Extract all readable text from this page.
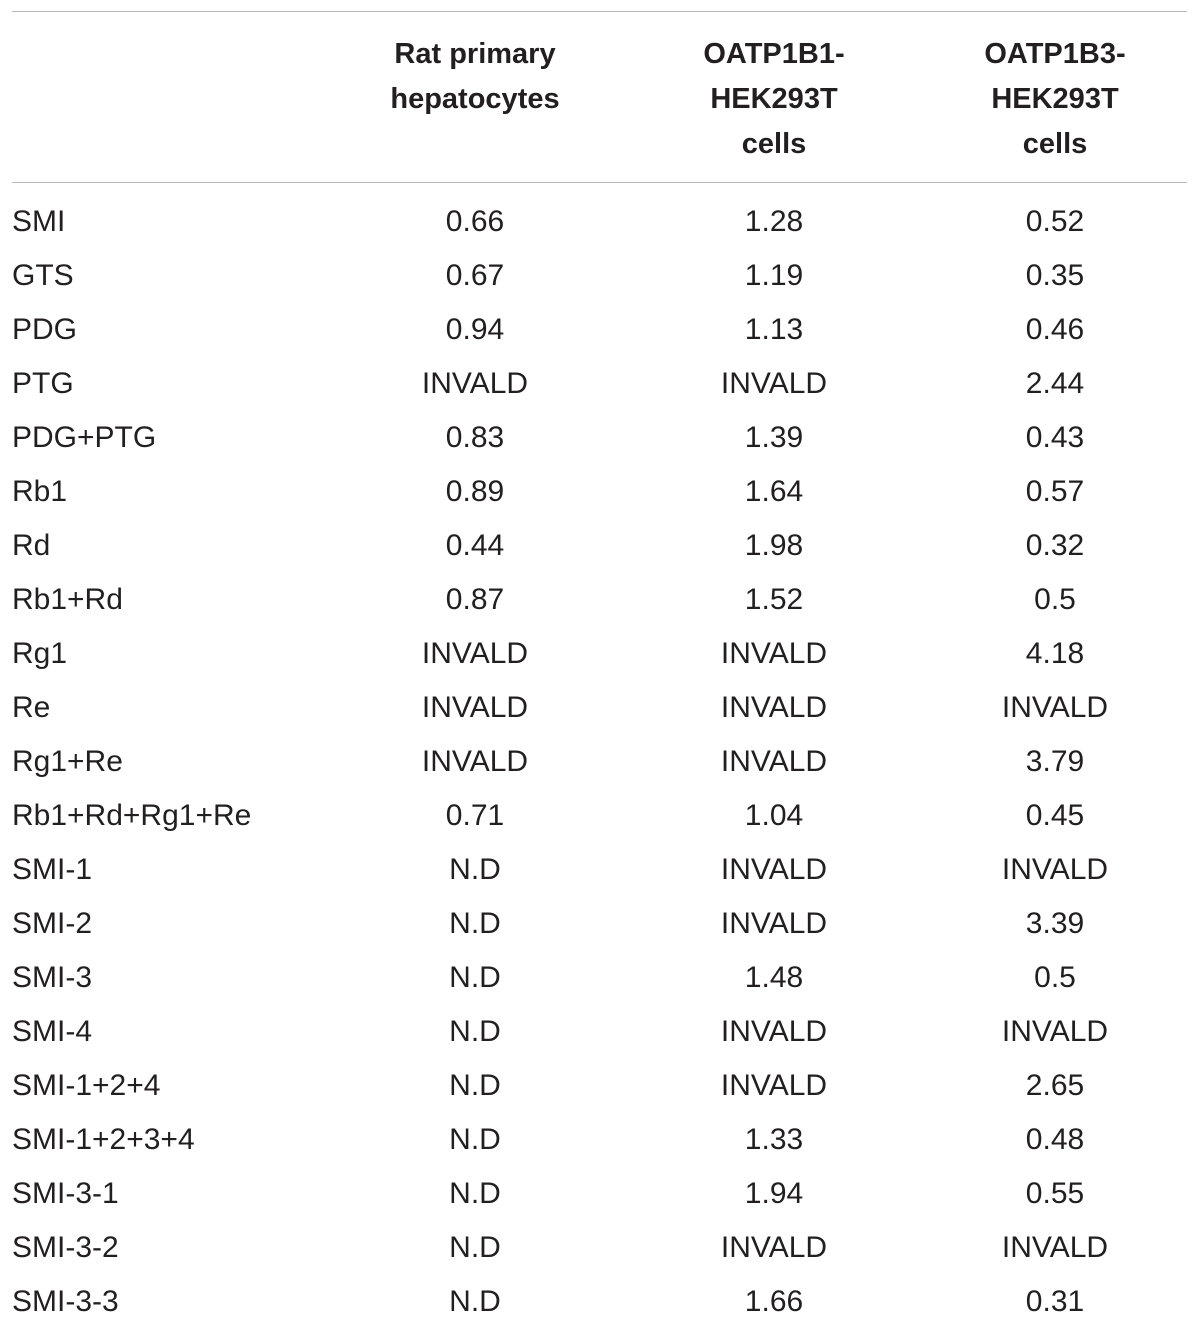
	Rat primary
hepatocytes	OATP1B1-
HEK293T
cells	OATP1B3-
HEK293T
cells

SMI	0.66	1.28	0.52
GTS	0.67	1.19	0.35
PDG	0.94	1.13	0.46
PTG	INVALD	INVALD	2.44
PDG+PTG	0.83	1.39	0.43
Rb1	0.89	1.64	0.57
Rd	0.44	1.98	0.32
Rb1+Rd	0.87	1.52	0.5
Rg1	INVALD	INVALD	4.18
Re	INVALD	INVALD	INVALD
Rg1+Re	INVALD	INVALD	3.79
Rb1+Rd+Rg1+Re	0.71	1.04	0.45
SMI-1	N.D	INVALD	INVALD
SMI-2	N.D	INVALD	3.39
SMI-3	N.D	1.48	0.5
SMI-4	N.D	INVALD	INVALD
SMI-1+2+4	N.D	INVALD	2.65
SMI-1+2+3+4	N.D	1.33	0.48
SMI-3-1	N.D	1.94	0.55
SMI-3-2	N.D	INVALD	INVALD
SMI-3-3	N.D	1.66	0.31
